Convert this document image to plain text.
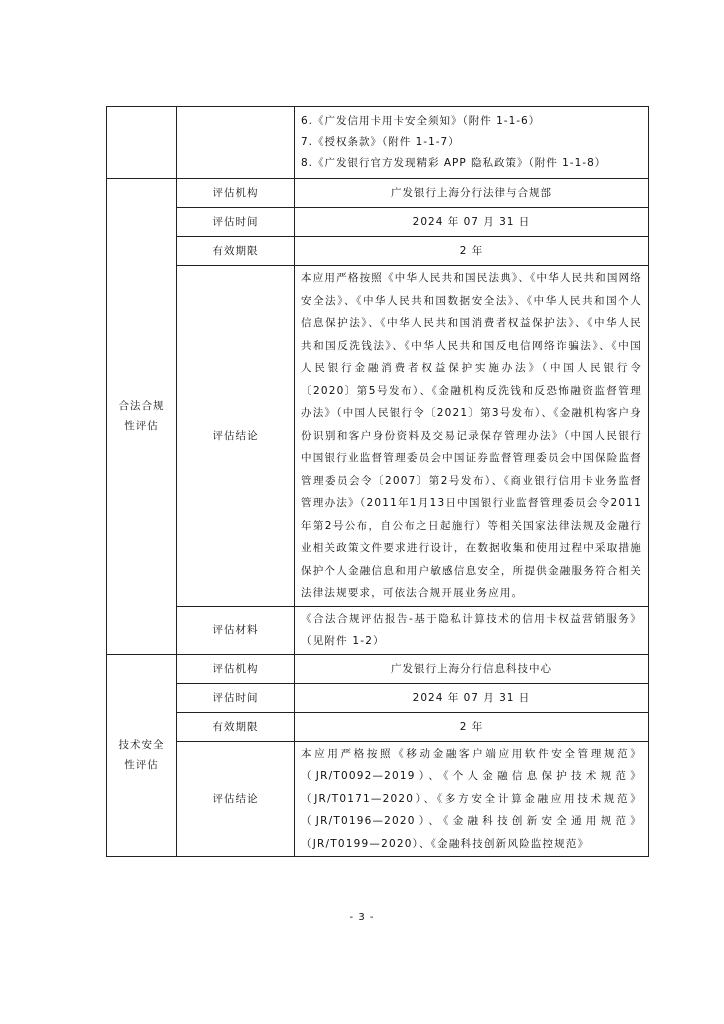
		6.《广发信用卡用卡安全须知》（附件 1-1-6）
7.《授权条款》（附件 1-1-7）
8.《广发银行官方发现精彩 APP 隐私政策》（附件 1-1-8）

合法合规性评估	评估机构	广发银行上海分行法律与合规部
	评估时间	2024 年 07 月 31 日
	有效期限	2 年
	评估结论	本应用严格按照《中华人民共和国民法典》、《中华人民共和国网络安全法》、《中华人民共和国数据安全法》、《中华人民共和国个人信息保护法》、《中华人民共和国消费者权益保护法》、《中华人民共和国反洗钱法》、《中华人民共和国反电信网络诈骗法》、《中国人民银行金融消费者权益保护实施办法》（中国人民银行令〔2020〕第5号发布）、《金融机构反洗钱和反恐怖融资监督管理办法》（中国人民银行令〔2021〕第3号发布）、《金融机构客户身份识别和客户身份资料及交易记录保存管理办法》（中国人民银行中国银行业监督管理委员会中国证券监督管理委员会中国保险监督管理委员会令〔2007〕第2号发布）、《商业银行信用卡业务监督管理办法》（2011年1月13日中国银行业监督管理委员会令2011年第2号公布，自公布之日起施行）等相关国家法律法规及金融行业相关政策文件要求进行设计，在数据收集和使用过程中采取措施保护个人金融信息和用户敏感信息安全，所提供金融服务符合相关法律法规要求，可依法合规开展业务应用。
	评估材料	《合法合规评估报告-基于隐私计算技术的信用卡权益营销服务》（见附件 1-2）

技术安全性评估	评估机构	广发银行上海分行信息科技中心
	评估时间	2024 年 07 月 31 日
	有效期限	2 年
	评估结论	本应用严格按照《移动金融客户端应用软件安全管理规范》（JR/T0092—2019）、《个人金融信息保护技术规范》（JR/T0171—2020）、《多方安全计算金融应用技术规范》（JR/T0196—2020）、《金融科技创新安全通用规范》（JR/T0199—2020）、《金融科技创新风险监控规范》
- 3 -
